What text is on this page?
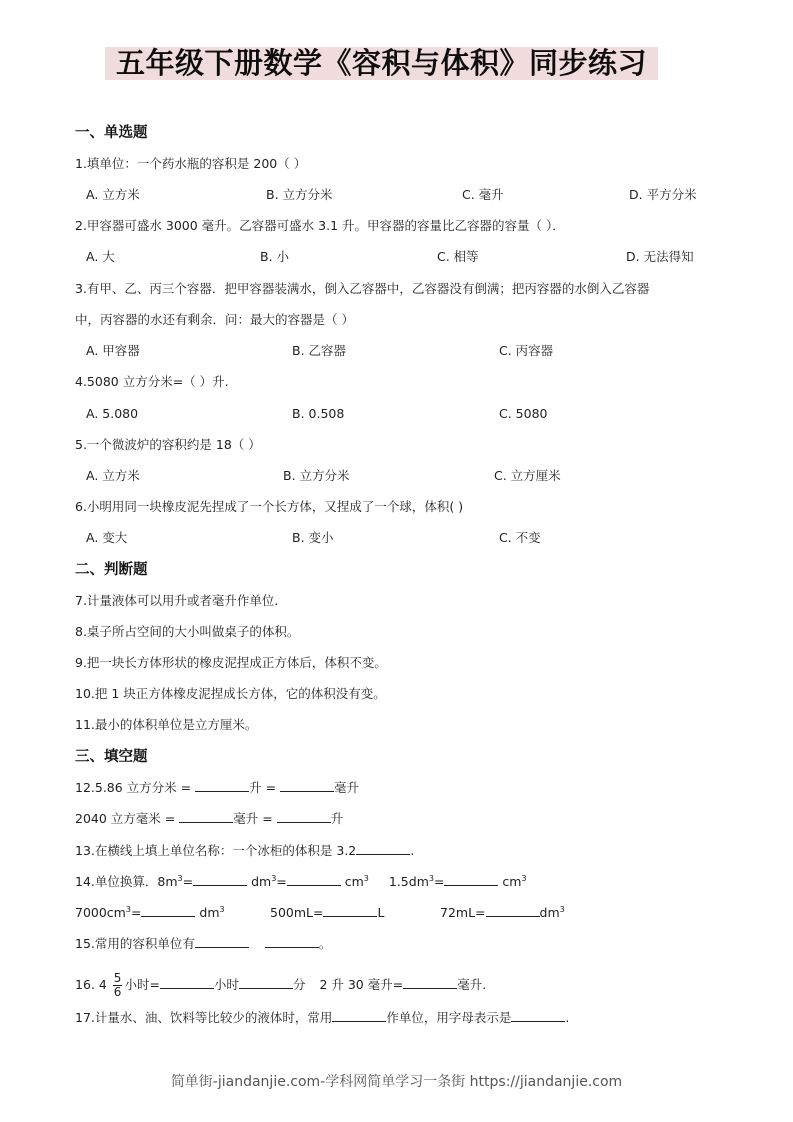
五年级下册数学《容积与体积》同步练习
一、单选题
1.填单位：一个药水瓶的容积是 200（ ）
A. 立方米	B. 立方分米	C. 毫升	D. 平方分米
2.甲容器可盛水 3000 毫升。乙容器可盛水 3.1 升。甲容器的容量比乙容器的容量（ ）．
A. 大	B. 小	C. 相等	D. 无法得知
3.有甲、乙、丙三个容器．把甲容器装满水，倒入乙容器中，乙容器没有倒满；把丙容器的水倒入乙容器
中，丙容器的水还有剩余．问：最大的容器是（ ）
A. 甲容器	B. 乙容器	C. 丙容器
4.5080 立方分米=（ ）升.
A. 5.080	B. 0.508	C. 5080
5.一个微波炉的容积约是 18（ ）
A. 立方米	B. 立方分米	C. 立方厘米
6.小明用同一块橡皮泥先捏成了一个长方体，又捏成了一个球，体积( )
A. 变大	B. 变小	C. 不变
二、判断题
7.计量液体可以用升或者毫升作单位.
8.桌子所占空间的大小叫做桌子的体积。
9.把一块长方体形状的橡皮泥捏成正方体后，体积不变。
10.把 1 块正方体橡皮泥捏成长方体，它的体积没有变。
11.最小的体积单位是立方厘米。
三、填空题
12.5.86 立方分米 =	升 =	毫升
2040 立方毫米 =	毫升 =	升
13.在横线上填上单位名称：一个冰柜的体积是 3.2	.
14.单位换算．$8m^3=$	$dm^3=$	$cm^3$ $1.5dm^3=$	$cm^3$
$7000cm^3=$	$dm^3$	500mL=	L	72mL=	$dm^3$
15.常用的容积单位有	。
16. $4 \frac{5}{6}$ 小时=	小时	分 2 升 30 毫升=	毫升.
17.计量水、油、饮料等比较少的液体时，常用	作单位，用字母表示是	.
简单街-jiandanjie.com-学科网简单学习一条街 https://jiandanjie.com
